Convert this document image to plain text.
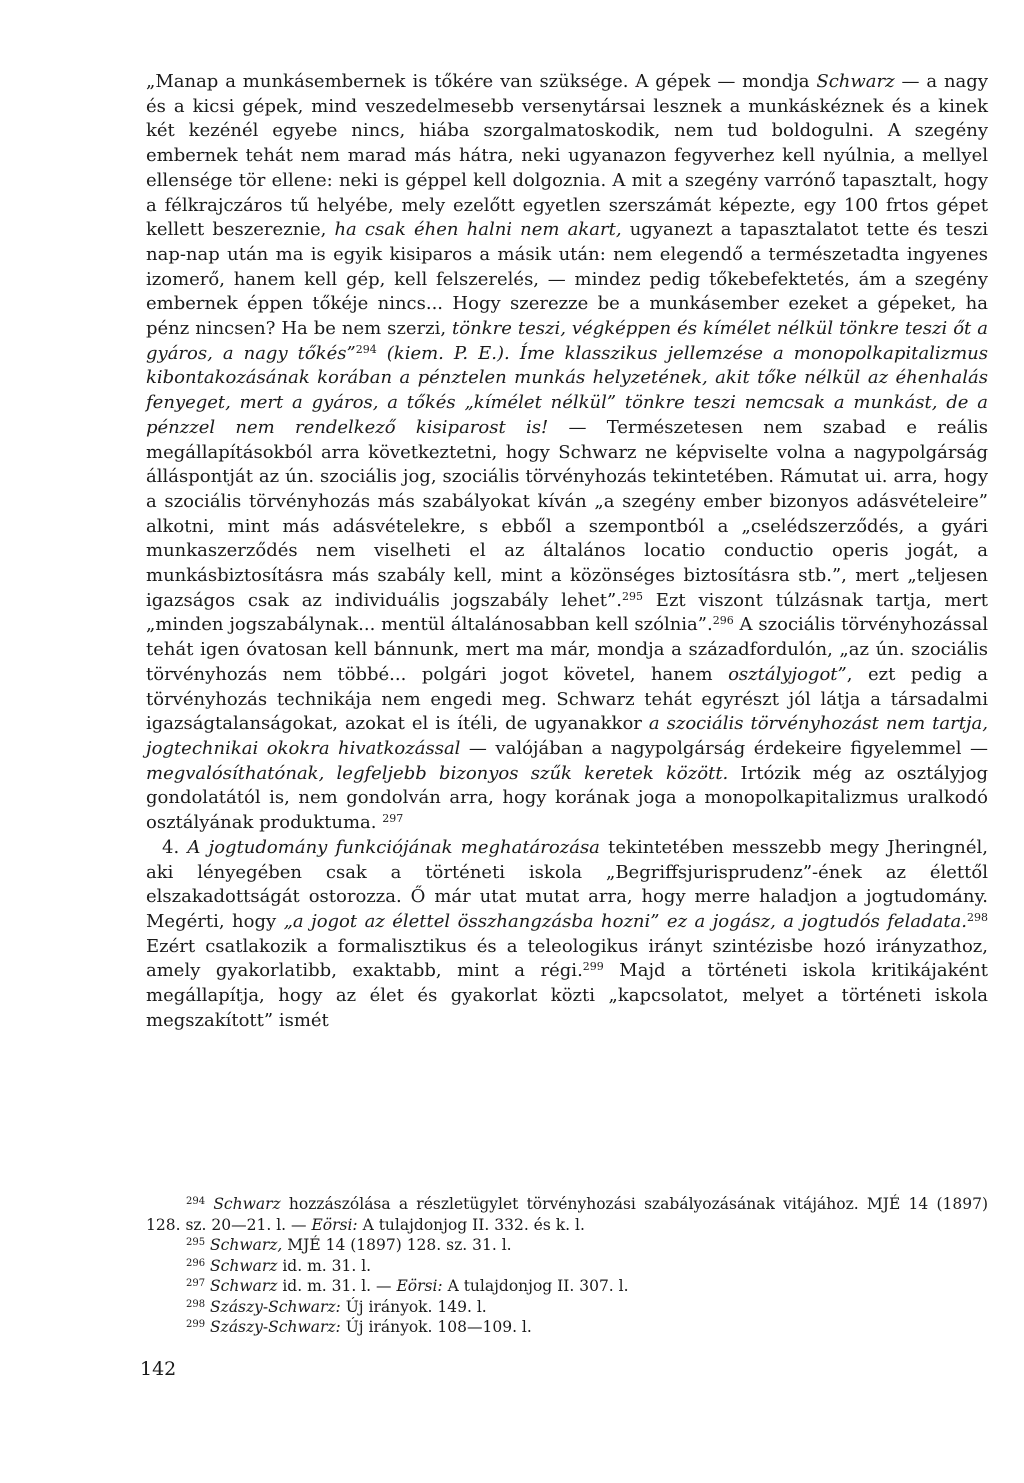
„Manap a munkásembernek is tőkére van szüksége. A gépek — mondja Schwarz — a nagy és a kicsi gépek, mind veszedelmesebb versenytársai lesznek a munkáskéznek és a kinek két kezénél egyebe nincs, hiába szorgalmatoskodik, nem tud boldogulni. A szegény embernek tehát nem marad más hátra, neki ugyanazon fegyverhez kell nyúlnia, a mellyel ellensége tör ellene: neki is géppel kell dolgoznia. A mit a szegény varrónő tapasztalt, hogy a félkrajczáros tű helyébe, mely ezelőtt egyetlen szerszámát képezte, egy 100 frtos gépet kellett beszereznie, ha csak éhen halni nem akart, ugyanezt a tapasztalatot tette és teszi nap-nap után ma is egyik kisiparos a másik után: nem elegendő a természetadta ingyenes izomerő, hanem kell gép, kell felszerelés, — mindez pedig tőkebefektetés, ám a szegény embernek éppen tőkéje nincs... Hogy szerezze be a munkásember ezeket a gépeket, ha pénz nincsen? Ha be nem szerzi, tönkre teszi, végképpen és kímélet nélkül tönkre teszi őt a gyáros, a nagy tőkés”$^{294}$ (kiem. P. E.). Íme klasszikus jellemzése a monopolkapitalizmus kibontakozásának korában a pénztelen munkás helyzetének, akit tőke nélkül az éhenhalás fenyeget, mert a gyáros, a tőkés „kímélet nélkül” tönkre teszi nemcsak a munkást, de a pénzzel nem rendelkező kisiparost is! — Természetesen nem szabad e reális megállapításokból arra következtetni, hogy Schwarz ne képviselte volna a nagypolgárság álláspontját az ún. szociális jog, szociális törvényhozás tekintetében. Rámutat ui. arra, hogy a szociális törvényhozás más szabályokat kíván „a szegény ember bizonyos adásvételeire” alkotni, mint más adásvételekre, s ebből a szempontból a „cselédszerződés, a gyári munkaszerződés nem viselheti el az általános locatio conductio operis jogát, a munkásbiztosításra más szabály kell, mint a közönséges biztosításra stb.”, mert „teljesen igazságos csak az individuális jogszabály lehet”.$^{295}$ Ezt viszont túlzásnak tartja, mert „minden jogszabálynak... mentül általánosabban kell szólnia”.$^{296}$ A szociális törvényhozással tehát igen óvatosan kell bánnunk, mert ma már, mondja a századfordulón, „az ún. szociális törvényhozás nem többé... polgári jogot követel, hanem osztályjogot”, ezt pedig a törvényhozás technikája nem engedi meg. Schwarz tehát egyrészt jól látja a társadalmi igazságtalanságokat, azokat el is ítéli, de ugyanakkor a szociális törvényhozást nem tartja, jogtechnikai okokra hivatkozással — valójában a nagypolgárság érdekeire figyelemmel — megvalósíthatónak, legfeljebb bizonyos szűk keretek között. Irtózik még az osztályjog gondolatától is, nem gondolván arra, hogy korának joga a monopolkapitalizmus uralkodó osztályának produktuma. $^{297}$

4. A jogtudomány funkciójának meghatározása tekintetében messzebb megy Jheringnél, aki lényegében csak a történeti iskola „Begriffsjurisprudenz”-ének az élettől elszakadottságát ostorozza. Ő már utat mutat arra, hogy merre haladjon a jogtudomány. Megérti, hogy „a jogot az élettel összhangzásba hozni” ez a jogász, a jogtudós feladata.$^{298}$ Ezért csatlakozik a formalisztikus és a teleologikus irányt szintézisbe hozó irányzathoz, amely gyakorlatibb, exaktabb, mint a régi.$^{299}$ Majd a történeti iskola kritikájaként megállapítja, hogy az élet és gyakorlat közti „kapcsolatot, melyet a történeti iskola megszakított” ismét

$^{294}$ Schwarz hozzászólása a részletügylet törvényhozási szabályozásának vitájához. MJÉ 14 (1897) 128. sz. 20—21. l. — Eörsi: A tulajdonjog II. 332. és k. l.

$^{295}$ Schwarz, MJÉ 14 (1897) 128. sz. 31. l.

$^{296}$ Schwarz id. m. 31. l.

$^{297}$ Schwarz id. m. 31. l. — Eörsi: A tulajdonjog II. 307. l.

$^{298}$ Szászy-Schwarz: Új irányok. 149. l.

$^{299}$ Szászy-Schwarz: Új irányok. 108—109. l.

142
